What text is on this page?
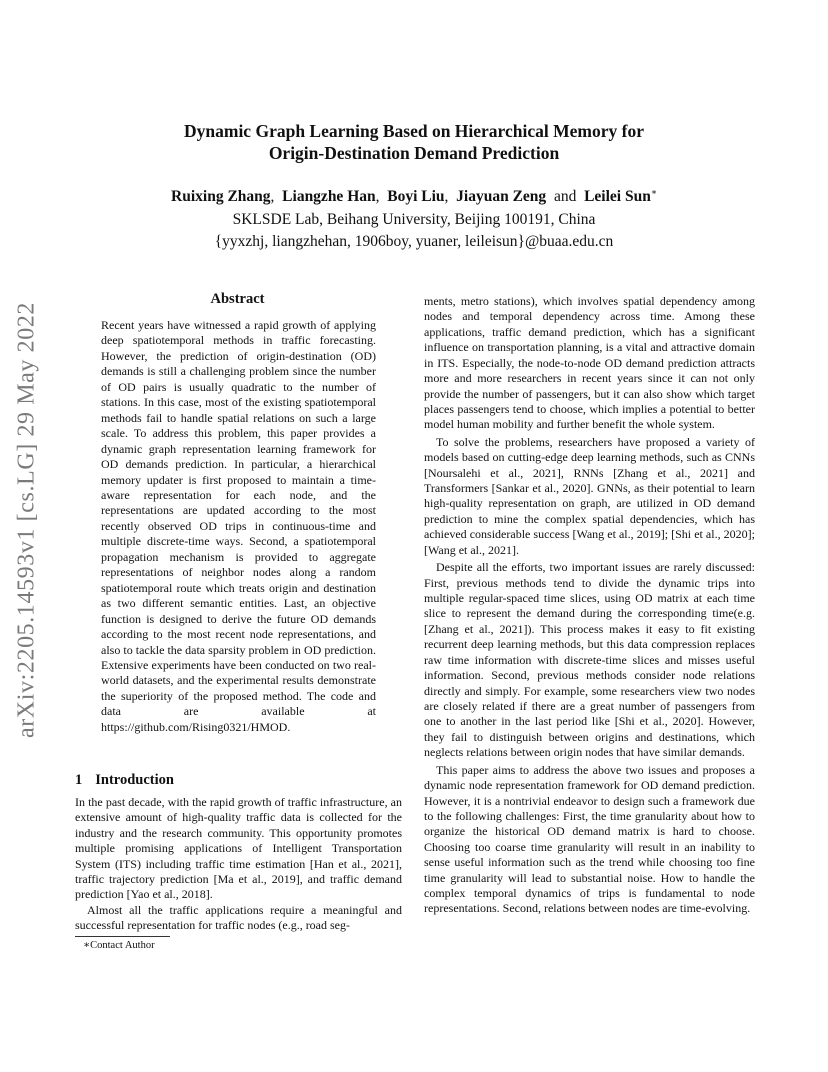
Dynamic Graph Learning Based on Hierarchical Memory for
Origin-Destination Demand Prediction
Ruixing Zhang, Liangzhe Han, Boyi Liu, Jiayuan Zeng and Leilei Sun∗
SKLSDE Lab, Beihang University, Beijing 100191, China
{yyxzhj, liangzhehan, 1906boy, yuaner, leileisun}@buaa.edu.cn
arXiv:2205.14593v1 [cs.LG] 29 May 2022
Abstract
Recent years have witnessed a rapid growth of applying deep spatiotemporal methods in traffic forecasting. However, the prediction of origin-destination (OD) demands is still a challenging problem since the number of OD pairs is usually quadratic to the number of stations. In this case, most of the existing spatiotemporal methods fail to handle spatial relations on such a large scale. To address this problem, this paper provides a dynamic graph representation learning framework for OD demands prediction. In particular, a hierarchical memory updater is first proposed to maintain a time-aware representation for each node, and the representations are updated according to the most recently observed OD trips in continuous-time and multiple discrete-time ways. Second, a spatiotemporal propagation mechanism is provided to aggregate representations of neighbor nodes along a random spatiotemporal route which treats origin and destination as two different semantic entities. Last, an objective function is designed to derive the future OD demands according to the most recent node representations, and also to tackle the data sparsity problem in OD prediction. Extensive experiments have been conducted on two real-world datasets, and the experimental results demonstrate the superiority of the proposed method. The code and data are available at https://github.com/Rising0321/HMOD.
1 Introduction

In the past decade, with the rapid growth of traffic infrastructure, an extensive amount of high-quality traffic data is collected for the industry and the research community. This opportunity promotes multiple promising applications of Intelligent Transportation System (ITS) including traffic time estimation [Han et al., 2021], traffic trajectory prediction [Ma et al., 2019], and traffic demand prediction [Yao et al., 2018].

Almost all the traffic applications require a meaningful and successful representation for traffic nodes (e.g., road seg-

∗Contact Author

ments, metro stations), which involves spatial dependency among nodes and temporal dependency across time. Among these applications, traffic demand prediction, which has a significant influence on transportation planning, is a vital and attractive domain in ITS. Especially, the node-to-node OD demand prediction attracts more and more researchers in recent years since it can not only provide the number of passengers, but it can also show which target places passengers tend to choose, which implies a potential to better model human mobility and further benefit the whole system.

To solve the problems, researchers have proposed a variety of models based on cutting-edge deep learning methods, such as CNNs [Noursalehi et al., 2021], RNNs [Zhang et al., 2021] and Transformers [Sankar et al., 2020]. GNNs, as their potential to learn high-quality representation on graph, are utilized in OD demand prediction to mine the complex spatial dependencies, which has achieved considerable success [Wang et al., 2019]; [Shi et al., 2020]; [Wang et al., 2021].

Despite all the efforts, two important issues are rarely discussed: First, previous methods tend to divide the dynamic trips into multiple regular-spaced time slices, using OD matrix at each time slice to represent the demand during the corresponding time(e.g. [Zhang et al., 2021]). This process makes it easy to fit existing recurrent deep learning methods, but this data compression replaces raw time information with discrete-time slices and misses useful information. Second, previous methods consider node relations directly and simply. For example, some researchers view two nodes are closely related if there are a great number of passengers from one to another in the last period like [Shi et al., 2020]. However, they fail to distinguish between origins and destinations, which neglects relations between origin nodes that have similar demands.

This paper aims to address the above two issues and proposes a dynamic node representation framework for OD demand prediction. However, it is a nontrivial endeavor to design such a framework due to the following challenges: First, the time granularity about how to organize the historical OD demand matrix is hard to choose. Choosing too coarse time granularity will result in an inability to sense useful information such as the trend while choosing too fine time granularity will lead to substantial noise. How to handle the complex temporal dynamics of trips is fundamental to node representations. Second, relations between nodes are time-evolving.
